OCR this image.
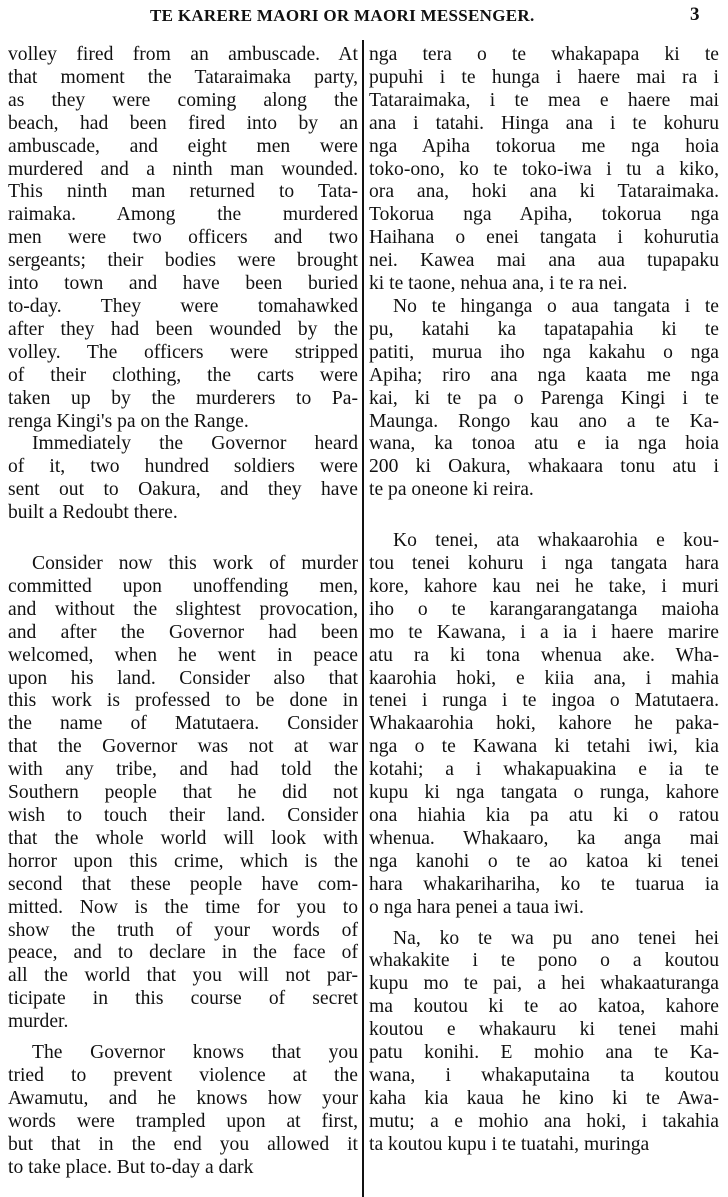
TE KARERE MAORI OR MAORI MESSENGER.	3
volley fired from an ambuscade. At
that moment the Tataraimaka party,
as they were coming along the
beach, had been fired into by an
ambuscade, and eight men were
murdered and a ninth man wounded.
This ninth man returned to Tata-
raimaka. Among the murdered
men were two officers and two
sergeants; their bodies were brought
into town and have been buried
to-day. They were tomahawked
after they had been wounded by the
volley. The officers were stripped
of their clothing, the carts were
taken up by the murderers to Pa-
renga Kingi's pa on the Range.
Immediately the Governor heard
of it, two hundred soldiers were
sent out to Oakura, and they have
built a Redoubt there.
Consider now this work of murder
committed upon unoffending men,
and without the slightest provocation,
and after the Governor had been
welcomed, when he went in peace
upon his land. Consider also that
this work is professed to be done in
the name of Matutaera. Consider
that the Governor was not at war
with any tribe, and had told the
Southern people that he did not
wish to touch their land. Consider
that the whole world will look with
horror upon this crime, which is the
second that these people have com-
mitted. Now is the time for you to
show the truth of your words of
peace, and to declare in the face of
all the world that you will not par-
ticipate in this course of secret
murder.
The Governor knows that you
tried to prevent violence at the
Awamutu, and he knows how your
words were trampled upon at first,
but that in the end you allowed it
to take place. But to-day a dark
nga tera o te whakapapa ki te
pupuhi i te hunga i haere mai ra i
Tataraimaka, i te mea e haere mai
ana i tatahi. Hinga ana i te kohuru
nga Apiha tokorua me nga hoia
toko-ono, ko te toko-iwa i tu a kiko,
ora ana, hoki ana ki Tataraimaka.
Tokorua nga Apiha, tokorua nga
Haihana o enei tangata i kohurutia
nei. Kawea mai ana aua tupapaku
ki te taone, nehua ana, i te ra nei.
No te hinganga o aua tangata i te
pu, katahi ka tapatapahia ki te
patiti, murua iho nga kakahu o nga
Apiha; riro ana nga kaata me nga
kai, ki te pa o Parenga Kingi i te
Maunga. Rongo kau ano a te Ka-
wana, ka tonoa atu e ia nga hoia
200 ki Oakura, whakaara tonu atu i
te pa oneone ki reira.
Ko tenei, ata whakaarohia e kou-
tou tenei kohuru i nga tangata hara
kore, kahore kau nei he take, i muri
iho o te karangarangatanga maioha
mo te Kawana, i a ia i haere marire
atu ra ki tona whenua ake. Wha-
kaarohia hoki, e kiia ana, i mahia
tenei i runga i te ingoa o Matutaera.
Whakaarohia hoki, kahore he paka-
nga o te Kawana ki tetahi iwi, kia
kotahi; a i whakapuakina e ia te
kupu ki nga tangata o runga, kahore
ona hiahia kia pa atu ki o ratou
whenua. Whakaaro, ka anga mai
nga kanohi o te ao katoa ki tenei
hara whakarihariha, ko te tuarua ia
o nga hara penei a taua iwi.
Na, ko te wa pu ano tenei hei
whakakite i te pono o a koutou
kupu mo te pai, a hei whakaaturanga
ma koutou ki te ao katoa, kahore
koutou e whakauru ki tenei mahi
patu konihi. E mohio ana te Ka-
wana, i whakaputaina ta koutou
kaha kia kaua he kino ki te Awa-
mutu; a e mohio ana hoki, i takahia
ta koutou kupu i te tuatahi, muringa
